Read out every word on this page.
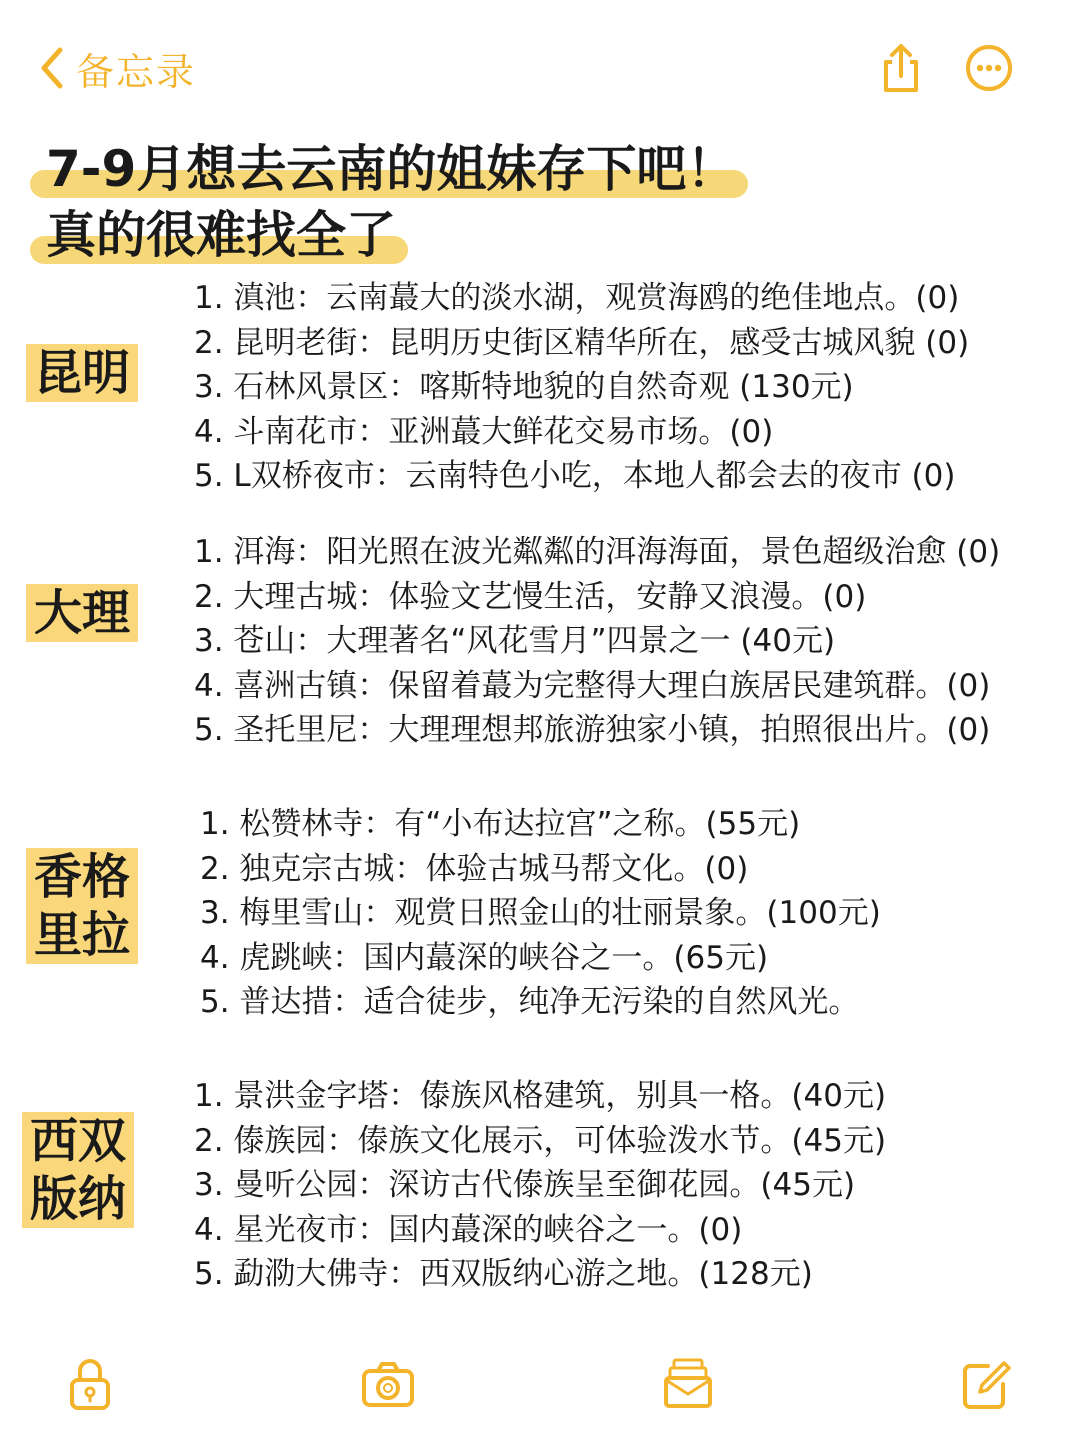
备忘录
7-9月想去云南的姐妹存下吧！
真的很难找全了
昆明
1. 滇池：云南蕞大的淡水湖，观赏海鸥的绝佳地点。(0)
2. 昆明老街：昆明历史街区精华所在，感受古城风貌 (0)
3. 石林风景区：喀斯特地貌的自然奇观 (130元)
4. 斗南花市：亚洲蕞大鲜花交易市场。(0)
5. L双桥夜市：云南特色小吃，本地人都会去的夜市 (0)
大理
1. 洱海：阳光照在波光粼粼的洱海海面，景色超级治愈 (0)
2. 大理古城：体验文艺慢生活，安静又浪漫。(0)
3. 苍山：大理著名“风花雪月”四景之一 (40元)
4. 喜洲古镇：保留着蕞为完整得大理白族居民建筑群。(0)
5. 圣托里尼：大理理想邦旅游独家小镇，拍照很出片。(0)
香格
里拉
1. 松赞林寺：有“小布达拉宫”之称。(55元)
2. 独克宗古城：体验古城马帮文化。(0)
3. 梅里雪山：观赏日照金山的壮丽景象。(100元)
4. 虎跳峡：国内蕞深的峡谷之一。(65元)
5. 普达措：适合徒步，纯净无污染的自然风光。
西双
版纳
1. 景洪金字塔：傣族风格建筑，别具一格。(40元)
2. 傣族园：傣族文化展示，可体验泼水节。(45元)
3. 曼听公园：深访古代傣族呈至御花园。(45元)
4. 星光夜市：国内蕞深的峡谷之一。(0)
5. 勐泐大佛寺：西双版纳心游之地。(128元)
